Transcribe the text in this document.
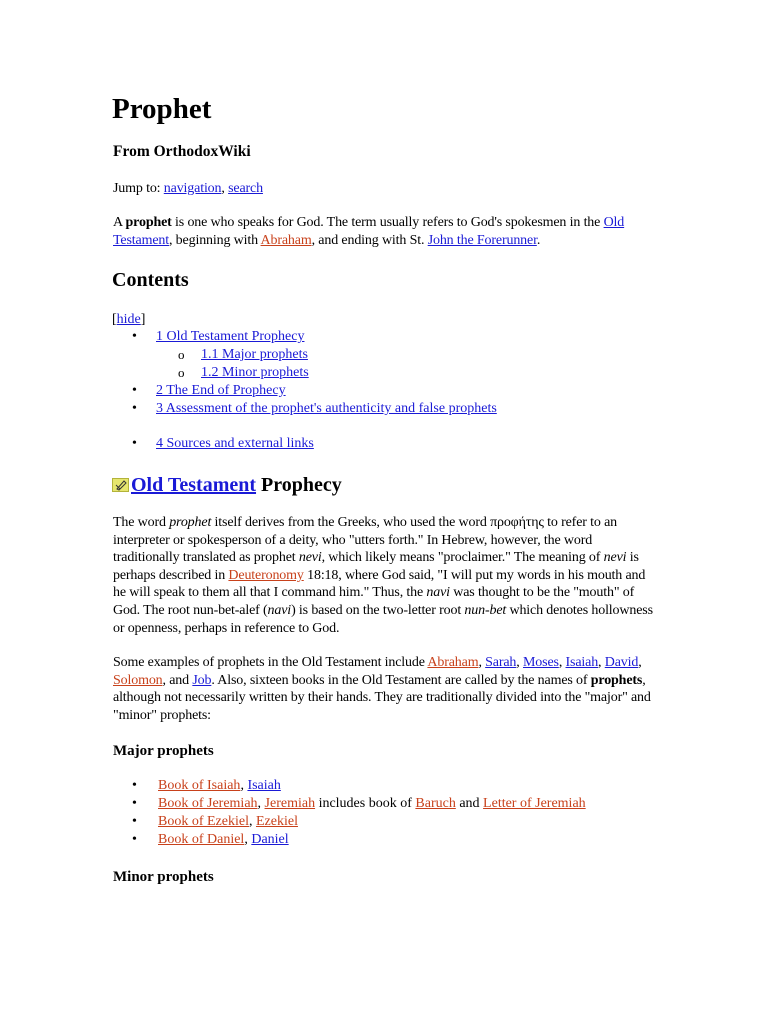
Prophet
From OrthodoxWiki
Jump to: navigation, search
A prophet is one who speaks for God. The term usually refers to God's spokesmen in the Old Testament, beginning with Abraham, and ending with St. John the Forerunner.
Contents
[hide]
• 1 Old Testament Prophecy
o 1.1 Major prophets
o 1.2 Minor prophets
• 2 The End of Prophecy
• 3 Assessment of the prophet's authenticity and false prophets
• 4 Sources and external links
Old Testament Prophecy
The word prophet itself derives from the Greeks, who used the word προφήτης to refer to an interpreter or spokesperson of a deity, who "utters forth." In Hebrew, however, the word traditionally translated as prophet nevi, which likely means "proclaimer." The meaning of nevi is perhaps described in Deuteronomy 18:18, where God said, "I will put my words in his mouth and he will speak to them all that I command him." Thus, the navi was thought to be the "mouth" of God. The root nun-bet-alef (navi) is based on the two-letter root nun-bet which denotes hollowness or openness, perhaps in reference to God.
Some examples of prophets in the Old Testament include Abraham, Sarah, Moses, Isaiah, David, Solomon, and Job. Also, sixteen books in the Old Testament are called by the names of prophets, although not necessarily written by their hands. They are traditionally divided into the "major" and "minor" prophets:
Major prophets
• Book of Isaiah, Isaiah
• Book of Jeremiah, Jeremiah includes book of Baruch and Letter of Jeremiah
• Book of Ezekiel, Ezekiel
• Book of Daniel, Daniel
Minor prophets
